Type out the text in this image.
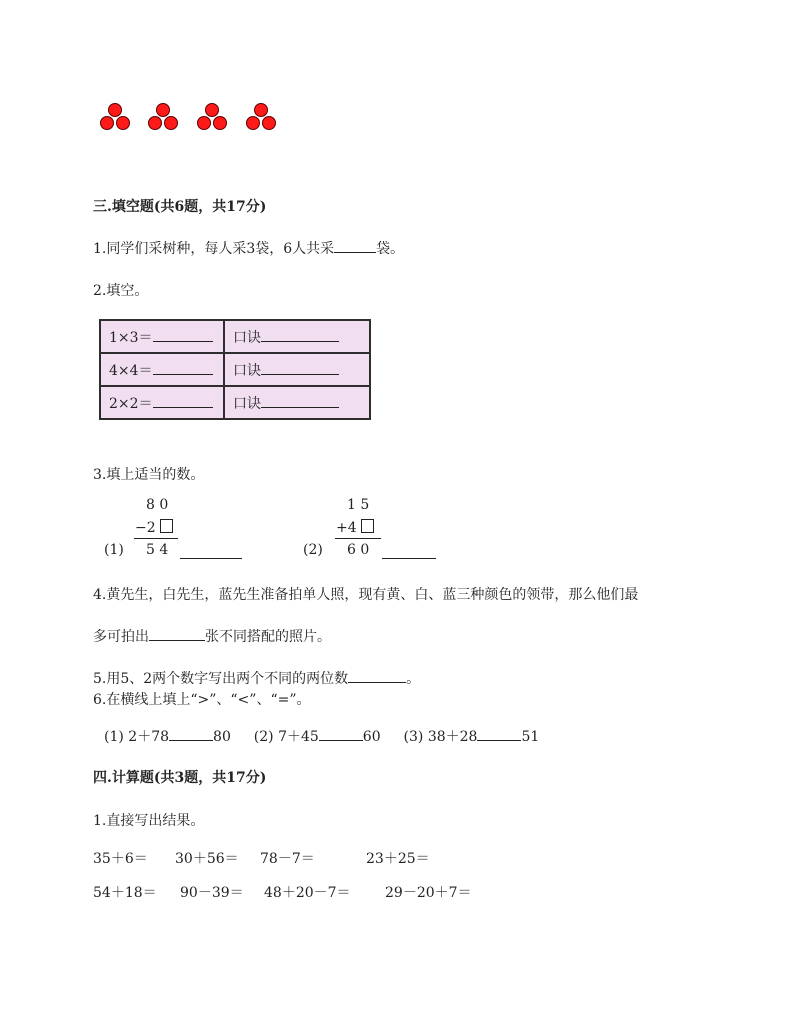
三.填空题(共6题，共17分)
1.同学们采树种，每人采3袋，6人共采	袋。
2.填空。
1×3＝	口诀
4×4＝	口诀
2×2＝	口诀
3.填上适当的数。
8 0
−2
(1) 5 4
1 5
+4
(2) 6 0
4.黄先生，白先生，蓝先生准备拍单人照，现有黄、白、蓝三种颜色的领带，那么他们最
多可拍出	张不同搭配的照片。
5.用5、2两个数字写出两个不同的两位数	。
6.在横线上填上“>”、“<”、“=”。
(1) 2＋78	80 (2) 7＋45	60 (3) 38＋28	51
四.计算题(共3题，共17分)
1.直接写出结果。
35＋6＝ 30＋56＝ 78－7＝	23＋25＝
54＋18＝ 90－39＝ 48＋20－7＝ 29－20＋7＝
